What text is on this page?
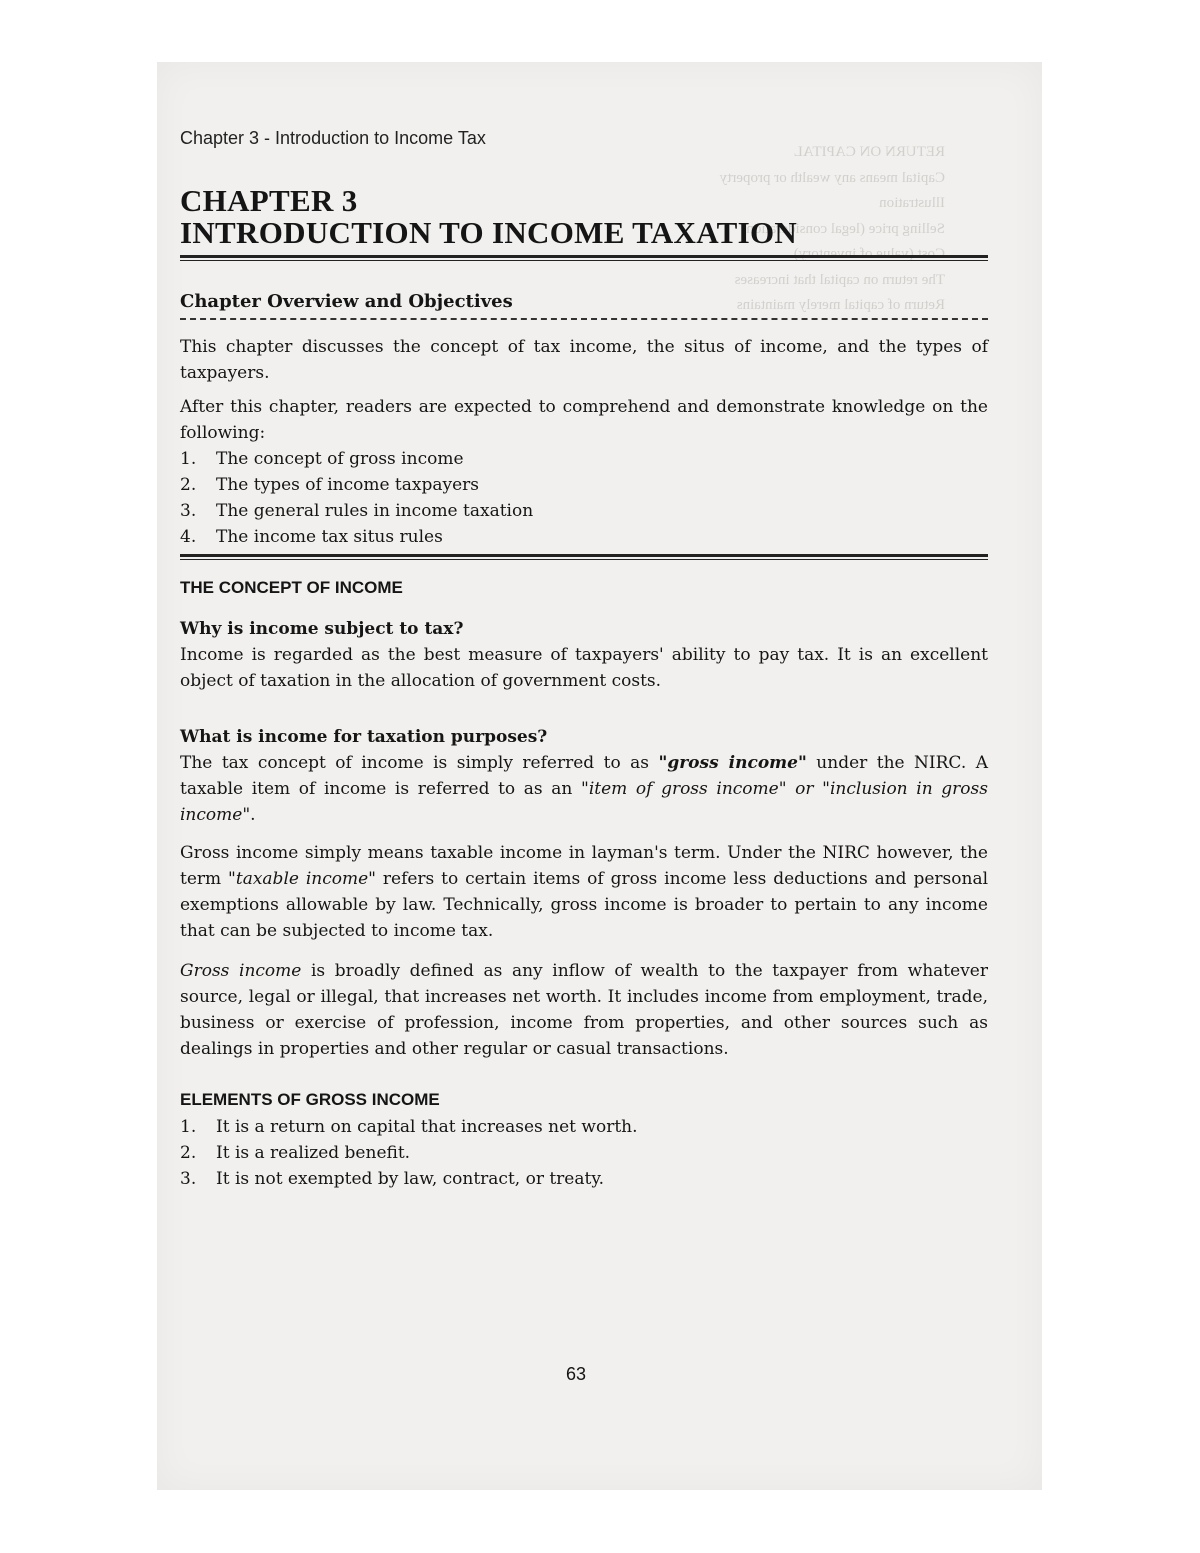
RETURN ON CAPITAL
Capital means any wealth or property
Illustration
Selling price (legal consideration)
Cost (value of inventory)
The return on capital that increases
Return of capital merely maintains
Chapter 3 - Introduction to Income Tax
CHAPTER 3
INTRODUCTION TO INCOME TAXATION
Chapter Overview and Objectives

This chapter discusses the concept of tax income, the situs of income, and the types of taxpayers.

After this chapter, readers are expected to comprehend and demonstrate knowledge on the following:

1.	The concept of gross income
2.	The types of income taxpayers
3.	The general rules in income taxation
4.	The income tax situs rules
THE CONCEPT OF INCOME
Why is income subject to tax?

Income is regarded as the best measure of taxpayers' ability to pay tax. It is an excellent object of taxation in the allocation of government costs.

What is income for taxation purposes?

The tax concept of income is simply referred to as "gross income" under the NIRC. A taxable item of income is referred to as an "item of gross income" or "inclusion in gross income".

Gross income simply means taxable income in layman's term. Under the NIRC however, the term "taxable income" refers to certain items of gross income less deductions and personal exemptions allowable by law. Technically, gross income is broader to pertain to any income that can be subjected to income tax.

Gross income is broadly defined as any inflow of wealth to the taxpayer from whatever source, legal or illegal, that increases net worth. It includes income from employment, trade, business or exercise of profession, income from properties, and other sources such as dealings in properties and other regular or casual transactions.

ELEMENTS OF GROSS INCOME
1.	It is a return on capital that increases net worth.
2.	It is a realized benefit.
3.	It is not exempted by law, contract, or treaty.
63
